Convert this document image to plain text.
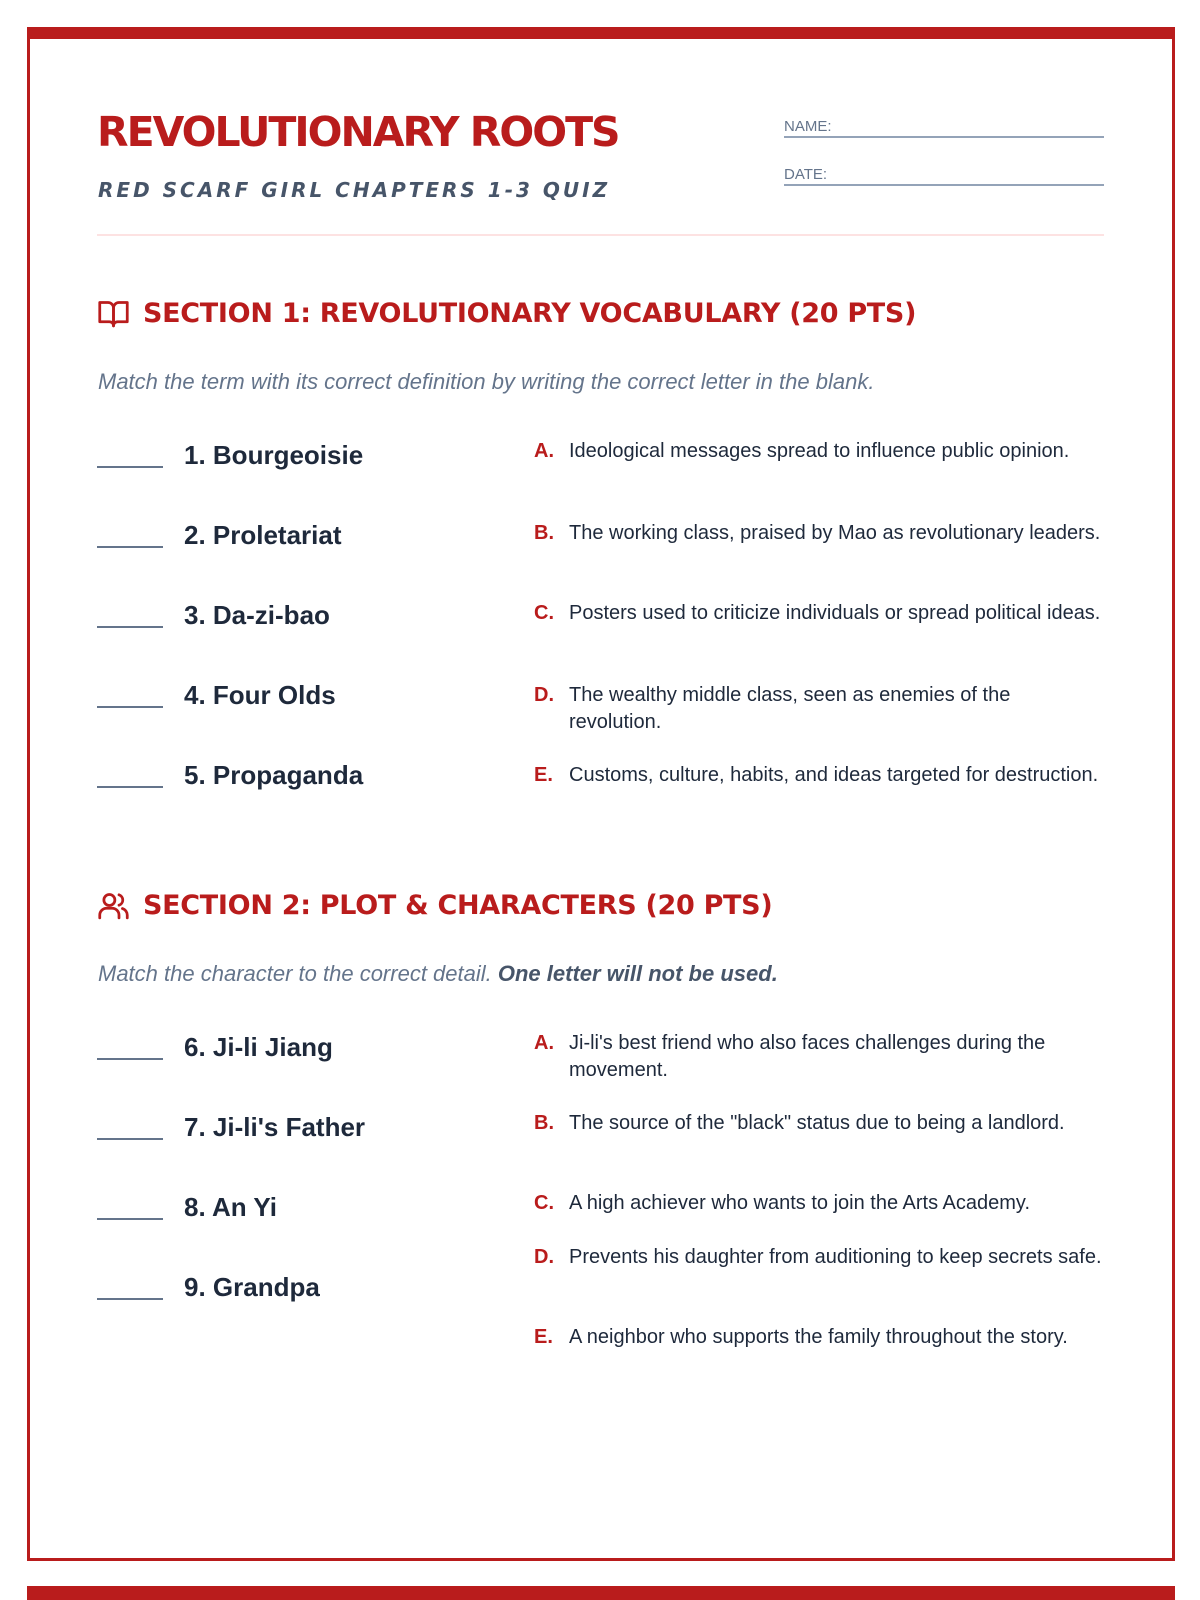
REVOLUTIONARY ROOTS
RED SCARF GIRL CHAPTERS 1-3 QUIZ
NAME:
DATE:
SECTION 1: REVOLUTIONARY VOCABULARY (20 PTS)
Match the term with its correct definition by writing the correct letter in the blank.
1. Bourgeoisie
2. Proletariat
3. Da-zi-bao
4. Four Olds
5. Propaganda
A. Ideological messages spread to influence public opinion.
B. The working class, praised by Mao as revolutionary leaders.
C. Posters used to criticize individuals or spread political ideas.
D. The wealthy middle class, seen as enemies of the revolution.
E. Customs, culture, habits, and ideas targeted for destruction.
SECTION 2: PLOT & CHARACTERS (20 PTS)
Match the character to the correct detail. One letter will not be used.
6. Ji-li Jiang
7. Ji-li's Father
8. An Yi
9. Grandpa
A. Ji-li's best friend who also faces challenges during the movement.
B. The source of the "black" status due to being a landlord.
C. A high achiever who wants to join the Arts Academy.
D. Prevents his daughter from auditioning to keep secrets safe.
E. A neighbor who supports the family throughout the story.
